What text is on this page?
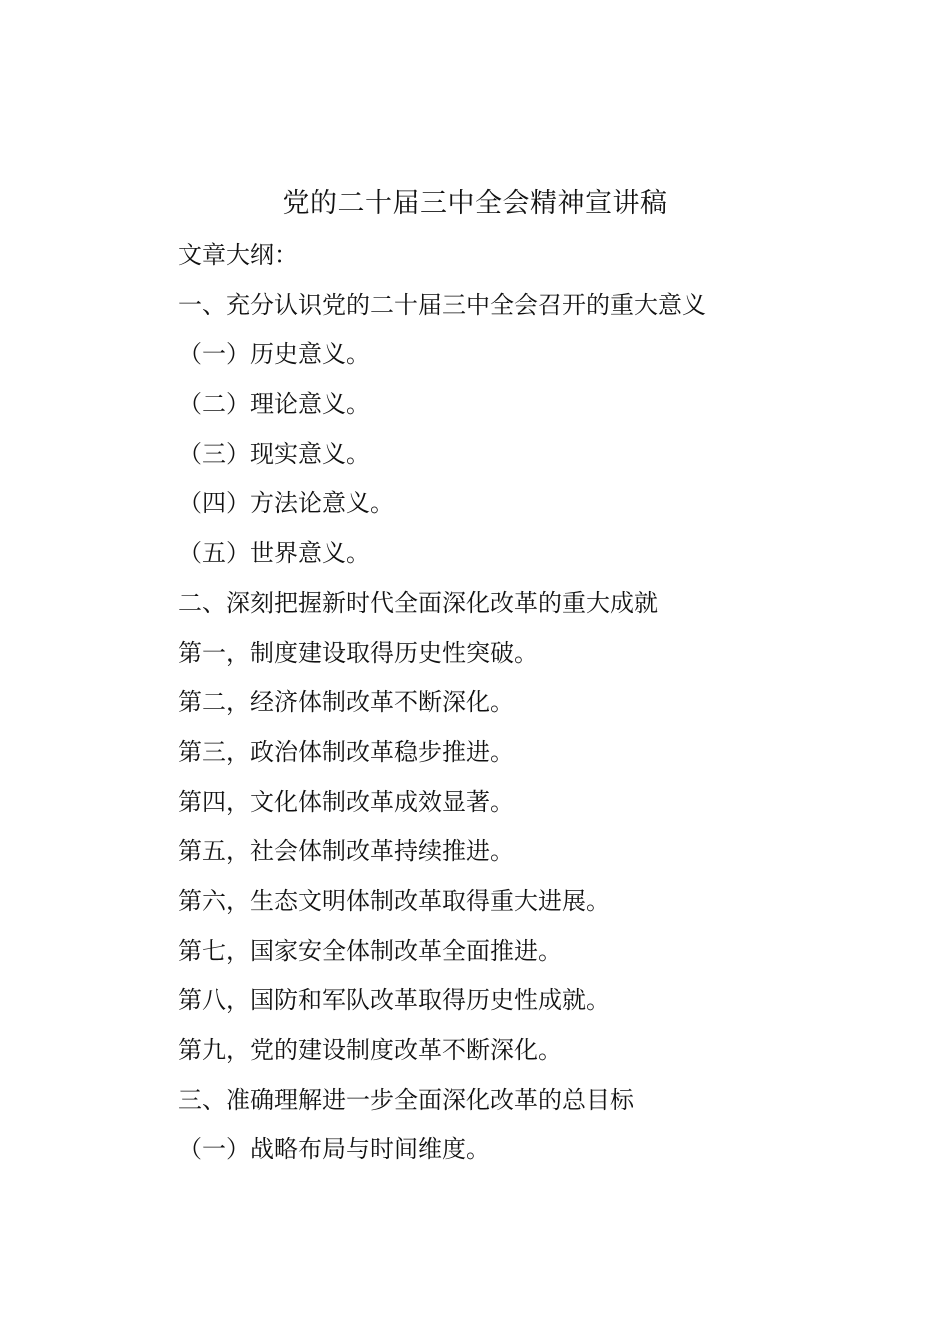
党的二十届三中全会精神宣讲稿
文章大纲：
一、充分认识党的二十届三中全会召开的重大意义
（一）历史意义。
（二）理论意义。
（三）现实意义。
（四）方法论意义。
（五）世界意义。
二、深刻把握新时代全面深化改革的重大成就
第一，制度建设取得历史性突破。
第二，经济体制改革不断深化。
第三，政治体制改革稳步推进。
第四，文化体制改革成效显著。
第五，社会体制改革持续推进。
第六，生态文明体制改革取得重大进展。
第七，国家安全体制改革全面推进。
第八，国防和军队改革取得历史性成就。
第九，党的建设制度改革不断深化。
三、准确理解进一步全面深化改革的总目标
（一）战略布局与时间维度。
